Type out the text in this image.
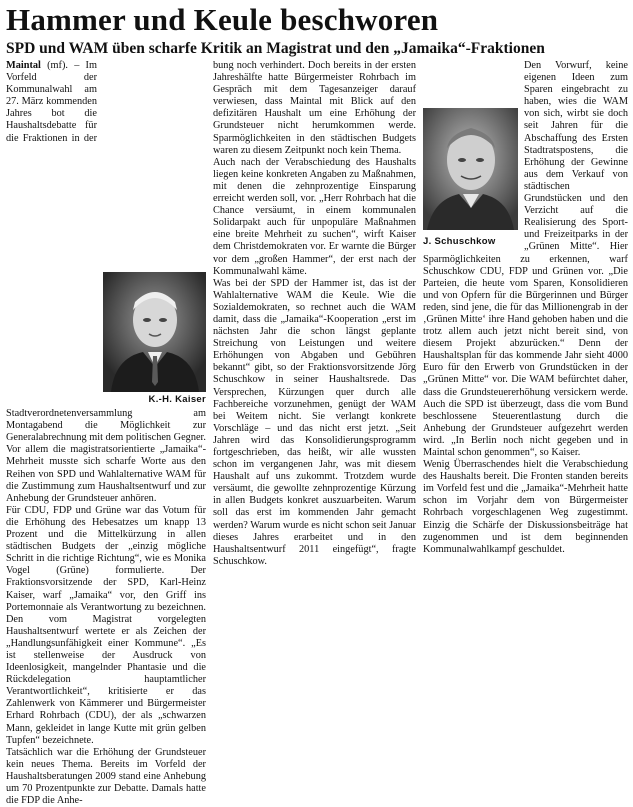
Hammer und Keule beschworen
SPD und WAM üben scharfe Kritik an Magistrat und den „Jamaika“-Fraktionen
K.-H. Kaiser

Maintal (mf). – Im Vorfeld der Kommunalwahl am 27. März kommenden Jahres bot die Haushaltsdebatte für die Fraktionen in der Stadtverordnetenversammlung am Montagabend die Möglichkeit zur Generalabrechnung mit dem politischen Gegner. Vor allem die magistratsorientierte „Jamaika“-Mehrheit musste sich scharfe Worte aus den Reihen von SPD und Wahlalternative WAM für die Zustimmung zum Haushaltsentwurf und zur Anhebung der Grundsteuer anhören.

Für CDU, FDP und Grüne war das Votum für die Erhöhung des Hebesatzes um knapp 13 Prozent und die Mittelkürzung in allen städtischen Budgets der „einzig mögliche Schritt in die richtige Richtung“, wie es Monika Vogel (Grüne) formulierte. Der Fraktionsvorsitzende der SPD, Karl-Heinz Kaiser, warf „Jamaika“ vor, den Griff ins Portemonnaie als Verantwortung zu bezeichnen. Den vom Magistrat vorgelegten Haushaltsentwurf wertete er als Zeichen der „Handlungsunfähigkeit einer Kommune“. „Es ist stellenweise der Ausdruck von Ideenlosigkeit, mangelnder Phantasie und die Rückdelegation hauptamtlicher Verantwortlichkeit“, kritisierte er das Zahlenwerk von Kämmerer und Bürgermeister Erhard Rohrbach (CDU), der als „schwarzen Mann, gekleidet in lange Kutte mit grün gelben Tupfen“ bezeichnete.

Tatsächlich war die Erhöhung der Grundsteuer kein neues Thema. Bereits im Vorfeld der Haushaltsberatungen 2009 stand eine Anhebung um 70 Prozentpunkte zur Debatte. Damals hatte die FDP die Anhe-

bung noch verhindert. Doch bereits in der ersten Jahreshälfte hatte Bürgermeister Rohrbach im Gespräch mit dem Tagesanzeiger darauf verwiesen, dass Maintal mit Blick auf den defizitären Haushalt um eine Erhöhung der Grundsteuer nicht herumkommen werde. Sparmöglichkeiten in den städtischen Budgets waren zu diesem Zeitpunkt noch kein Thema.

Auch nach der Verabschiedung des Haushalts liegen keine konkreten Angaben zu Maßnahmen, mit denen die zehnprozentige Einsparung erreicht werden soll, vor. „Herr Rohrbach hat die Chance versäumt, in einem kommunalen Solidarpakt auch für unpopuläre Maßnahmen eine breite Mehrheit zu suchen“, wirft Kaiser dem Christdemokraten vor. Er warnte die Bürger vor dem „großen Hammer“, der erst nach der Kommunalwahl käme.

Was bei der SPD der Hammer ist, das ist der Wahlalternative WAM die Keule. Wie die Sozialdemokraten, so rechnet auch die WAM damit, dass die „Jamaika“-Kooperation „erst im nächsten Jahr die schon längst geplante Streichung von Leistungen und weitere Erhöhungen von Abgaben und Gebühren bekannt“ gibt, so der Fraktionsvorsitzende Jörg Schuschkow in seiner Haushaltsrede. Das Versprechen, Kürzungen quer durch alle Fachbereiche vorzunehmen, genügt der WAM bei Weitem nicht. Sie verlangt konkrete Vorschläge – und das nicht erst jetzt. „Seit Jahren wird das Konsolidierungsprogramm fortgeschrieben, das heißt, wir alle wussten schon im vergangenen Jahr, was mit diesem Haushalt auf uns zukommt. Trotzdem wurde versäumt, die gewollte zehnprozentige Kürzung in allen Budgets konkret auszuarbeiten. Warum soll das erst im kommenden Jahr gemacht werden? Warum wurde es nicht schon seit Januar dieses Jahres erarbeitet und in den Haushaltsentwurf 2011 eingefügt“, fragte Schuschkow.

J. Schuschkow

Den Vorwurf, keine eigenen Ideen zum Sparen eingebracht zu haben, wies die WAM von sich, wirbt sie doch seit Jahren für die Abschaffung des Ersten Stadtratspostens, die Erhöhung der Gewinne aus dem Verkauf von städtischen Grundstücken und den Verzicht auf die Realisierung des Sport- und Freizeitparks in der „Grünen Mitte“. Hier Sparmöglichkeiten zu erkennen, warf Schuschkow CDU, FDP und Grünen vor. „Die Parteien, die heute vom Sparen, Konsolidieren und von Opfern für die Bürgerinnen und Bürger reden, sind jene, die für das Millionengrab in der ‚Grünen Mitte‘ ihre Hand gehoben haben und die trotz allem auch jetzt nicht bereit sind, von diesem Projekt abzurücken.“ Denn der Haushaltsplan für das kommende Jahr sieht 4000 Euro für den Erwerb von Grundstücken in der „Grünen Mitte“ vor. Die WAM befürchtet daher, dass die Grundsteuererhöhung versickern werde. Auch die SPD ist überzeugt, dass die vom Bund beschlossene Steuerentlastung durch die Anhebung der Grundsteuer aufgezehrt werden wird. „In Berlin noch nicht gegeben und in Maintal schon genommen“, so Kaiser.

Wenig Überraschendes hielt die Verabschiedung des Haushalts bereit. Die Fronten standen bereits im Vorfeld fest und die „Jamaika“-Mehrheit hatte schon im Vorjahr dem von Bürgermeister Rohrbach vorgeschlagenen Weg zugestimmt. Einzig die Schärfe der Diskussionsbeiträge hat zugenommen und ist dem beginnenden Kommunalwahlkampf geschuldet.
